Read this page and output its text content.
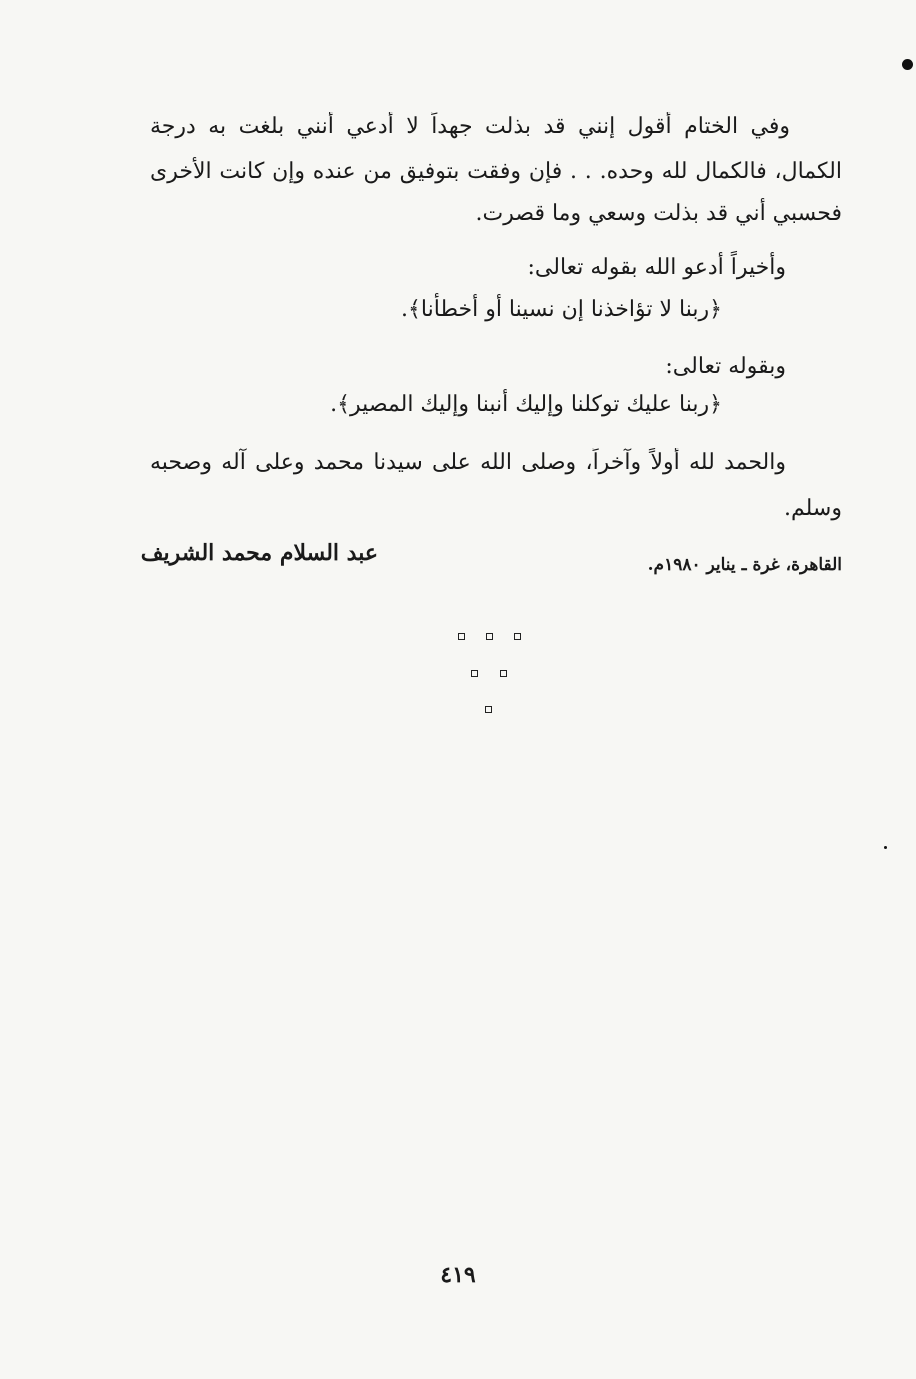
وفي الختام أقول إنني قد بذلت جهداً لا أدعي أنني بلغت به درجة
الكمال، فالكمال لله وحده. . . فإن وفقت بتوفيق من عنده وإن كانت الأخرى
فحسبي أني قد بذلت وسعي وما قصرت.
وأخيراً أدعو الله بقوله تعالى:
﴿ربنا لا تؤاخذنا إن نسينا أو أخطأنا﴾.
وبقوله تعالى:
﴿ربنا عليك توكلنا وإليك أنبنا وإليك المصير﴾.
والحمد لله أولاً وآخراً، وصلى الله على سيدنا محمد وعلى آله وصحبه
وسلم.
القاهرة، غرة ـ يناير ١٩٨٠م.
عبد السلام محمد الشريف
٤١٩
